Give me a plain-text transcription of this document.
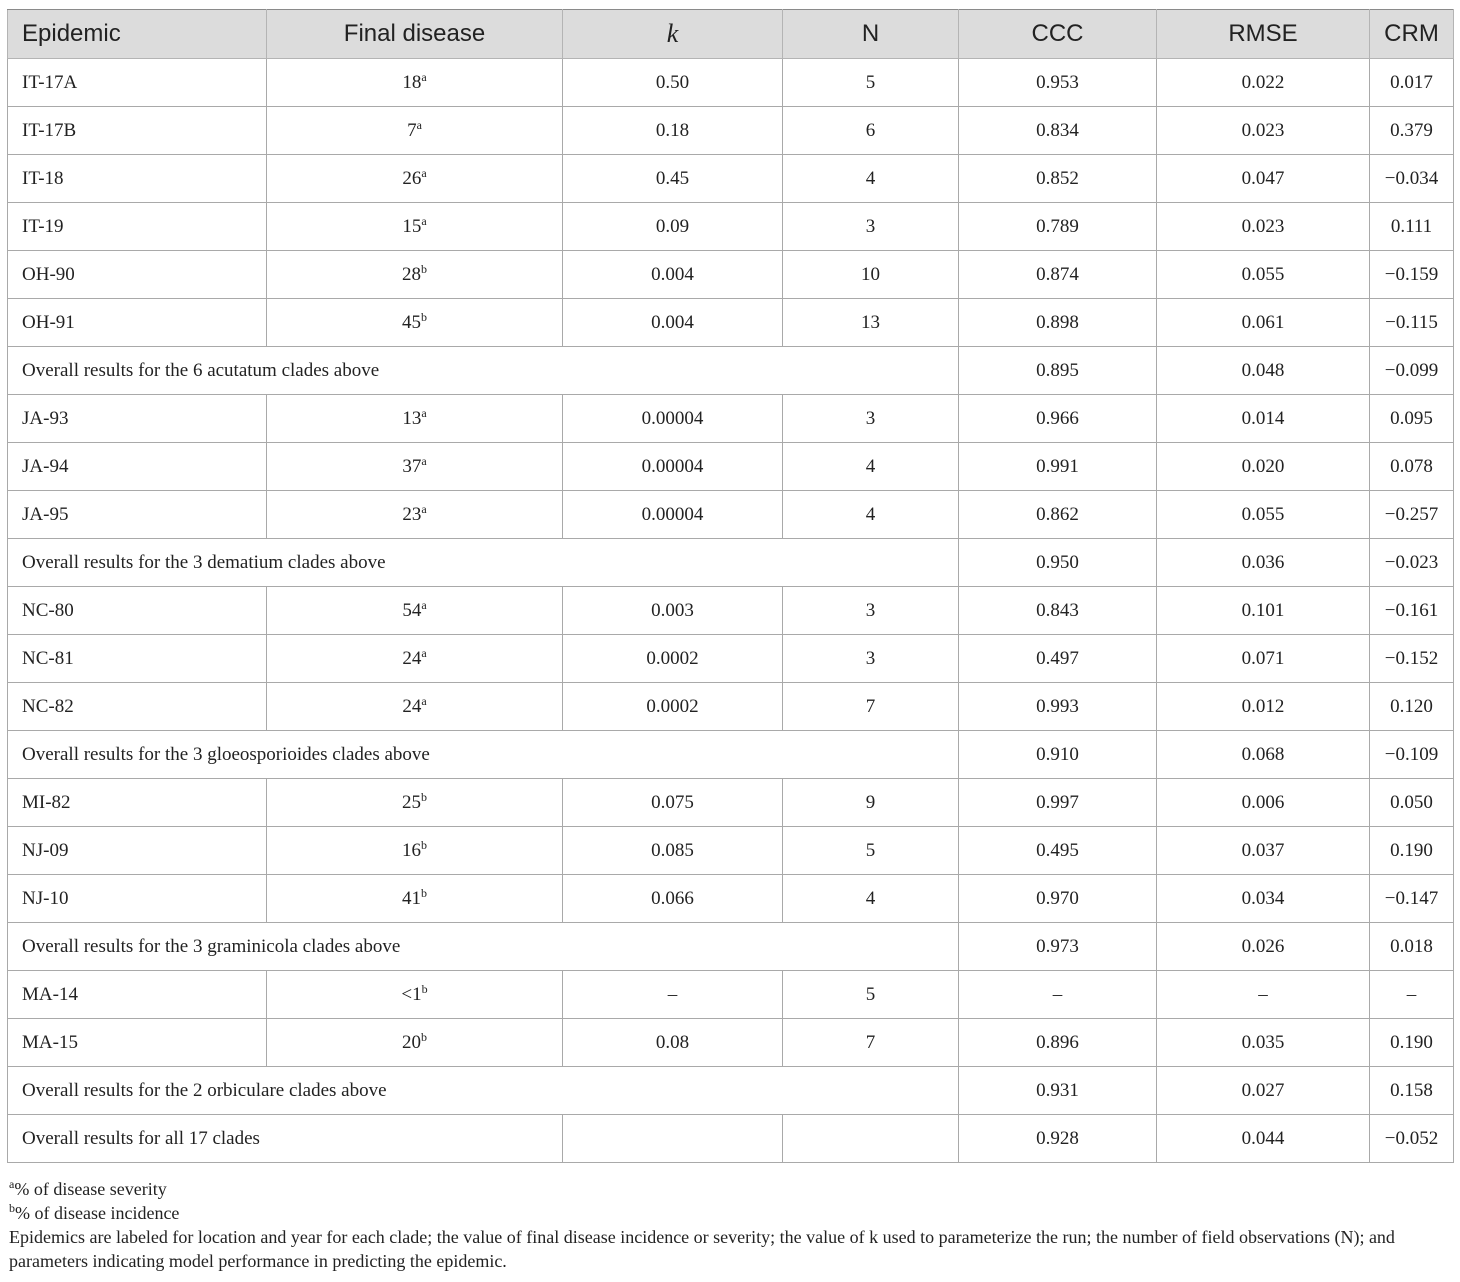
Epidemic	Final disease	k	N	CCC	RMSE	CRM
IT-17A	18$^a$	0.50	5	0.953	0.022	0.017
IT-17B	7$^a$	0.18	6	0.834	0.023	0.379
IT-18	26$^a$	0.45	4	0.852	0.047	−0.034
IT-19	15$^a$	0.09	3	0.789	0.023	0.111
OH-90	28$^b$	0.004	10	0.874	0.055	−0.159
OH-91	45$^b$	0.004	13	0.898	0.061	−0.115
Overall results for the 6 acutatum clades above				0.895	0.048	−0.099
JA-93	13$^a$	0.00004	3	0.966	0.014	0.095
JA-94	37$^a$	0.00004	4	0.991	0.020	0.078
JA-95	23$^a$	0.00004	4	0.862	0.055	−0.257
Overall results for the 3 dematium clades above				0.950	0.036	−0.023
NC-80	54$^a$	0.003	3	0.843	0.101	−0.161
NC-81	24$^a$	0.0002	3	0.497	0.071	−0.152
NC-82	24$^a$	0.0002	7	0.993	0.012	0.120
Overall results for the 3 gloeosporioides clades above				0.910	0.068	−0.109
MI-82	25$^b$	0.075	9	0.997	0.006	0.050
NJ-09	16$^b$	0.085	5	0.495	0.037	0.190
NJ-10	41$^b$	0.066	4	0.970	0.034	−0.147
Overall results for the 3 graminicola clades above				0.973	0.026	0.018
MA-14	$<1^b$	–	5	–	–	–
MA-15	20$^b$	0.08	7	0.896	0.035	0.190
Overall results for the 2 orbiculare clades above				0.931	0.027	0.158
Overall results for all 17 clades				0.928	0.044	−0.052

$^a$% of disease severity

$^b$% of disease incidence

Epidemics are labeled for location and year for each clade; the value of final disease incidence or severity; the value of k used to parameterize the run; the number of field observations (N); and parameters indicating model performance in predicting the epidemic.
